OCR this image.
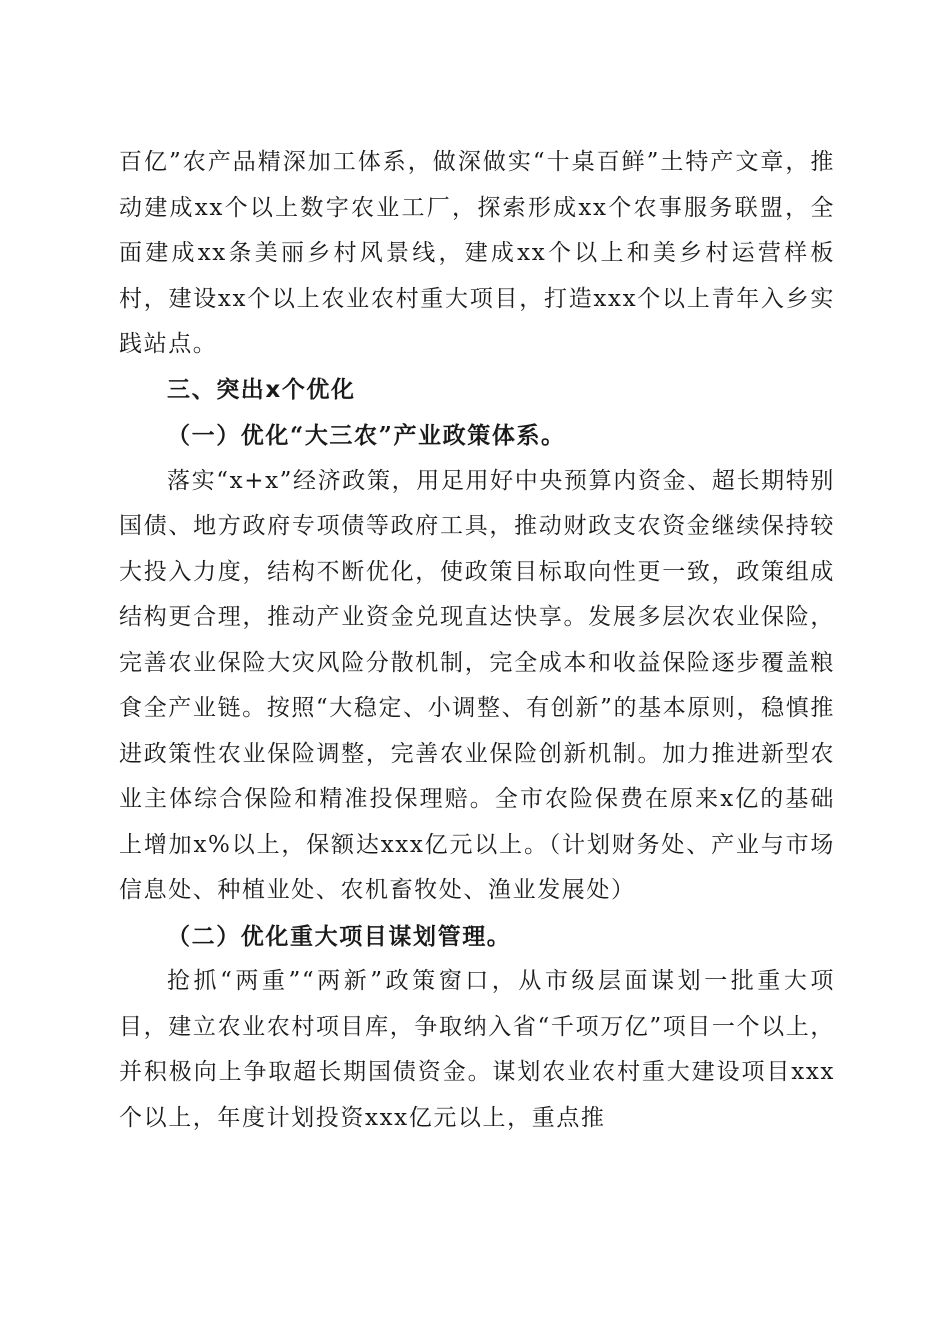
百亿”农产品精深加工体系，做深做实“十桌百鲜”土特产文章，推动建成xx个以上数字农业工厂，探索形成xx个农事服务联盟，全面建成xx条美丽乡村风景线，建成xx个以上和美乡村运营样板村，建设xx个以上农业农村重大项目，打造xxx个以上青年入乡实践站点。

三、突出x个优化

（一）优化“大三农”产业政策体系。

落实“x+x”经济政策，用足用好中央预算内资金、超长期特别国债、地方政府专项债等政府工具，推动财政支农资金继续保持较大投入力度，结构不断优化，使政策目标取向性更一致，政策组成结构更合理，推动产业资金兑现直达快享。发展多层次农业保险，完善农业保险大灾风险分散机制，完全成本和收益保险逐步覆盖粮食全产业链。按照“大稳定、小调整、有创新”的基本原则，稳慎推进政策性农业保险调整，完善农业保险创新机制。加力推进新型农业主体综合保险和精准投保理赔。全市农险保费在原来x亿的基础上增加x%以上，保额达xxx亿元以上。（计划财务处、产业与市场信息处、种植业处、农机畜牧处、渔业发展处）

（二）优化重大项目谋划管理。

抢抓“两重”“两新”政策窗口，从市级层面谋划一批重大项目，建立农业农村项目库，争取纳入省“千项万亿”项目一个以上，并积极向上争取超长期国债资金。谋划农业农村重大建设项目xxx个以上，年度计划投资xxx亿元以上，重点推
